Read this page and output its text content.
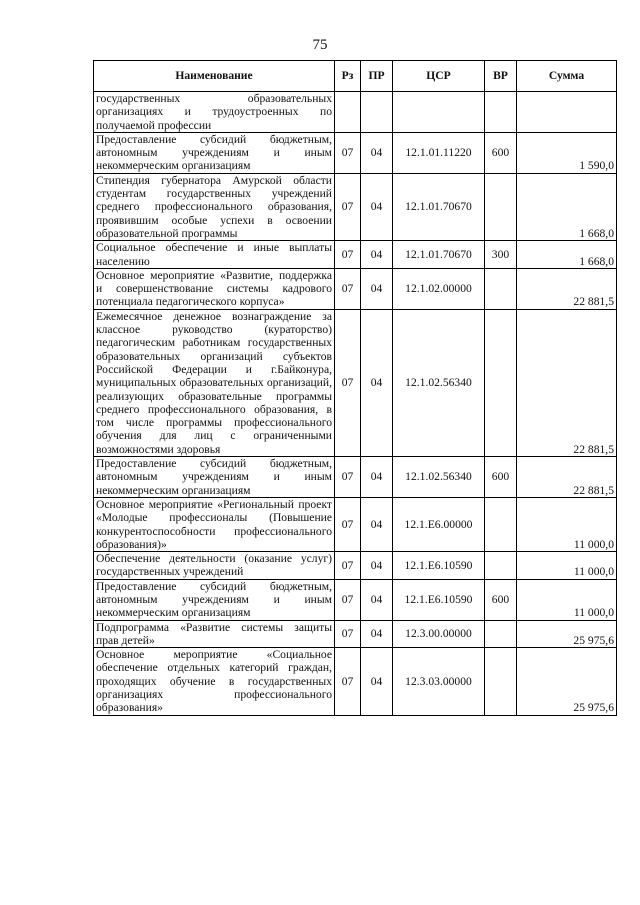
75
Наименование	Рз	ПР	ЦСР	ВР	Сумма
государственных образовательных организациях и трудоустроенных по получаемой профессии					
Предоставление субсидий бюджетным, автономным учреждениям и иным некоммерческим организациям	07	04	12.1.01.11220	600	1 590,0
Стипендия губернатора Амурской области студентам государственных учреждений среднего профессионального образования, проявившим особые успехи в освоении образовательной программы	07	04	12.1.01.70670		1 668,0
Социальное обеспечение и иные выплаты населению	07	04	12.1.01.70670	300	1 668,0
Основное мероприятие «Развитие, поддержка и совершенствование системы кадрового потенциала педагогического корпуса»	07	04	12.1.02.00000		22 881,5
Ежемесячное денежное вознаграждение за классное руководство (кураторство) педагогическим работникам государственных образовательных организаций субъектов Российской Федерации и г.Байконура, муниципальных образовательных организаций, реализующих образовательные программы среднего профессионального образования, в том числе программы профессионального обучения для лиц с ограниченными возможностями здоровья	07	04	12.1.02.56340		22 881,5
Предоставление субсидий бюджетным, автономным учреждениям и иным некоммерческим организациям	07	04	12.1.02.56340	600	22 881,5
Основное мероприятие «Региональный проект «Молодые профессионалы (Повышение конкурентоспособности профессионального образования)»	07	04	12.1.E6.00000		11 000,0
Обеспечение деятельности (оказание услуг) государственных учреждений	07	04	12.1.E6.10590		11 000,0
Предоставление субсидий бюджетным, автономным учреждениям и иным некоммерческим организациям	07	04	12.1.E6.10590	600	11 000,0
Подпрограмма «Развитие системы защиты прав детей»	07	04	12.3.00.00000		25 975,6
Основное мероприятие «Социальное обеспечение отдельных категорий граждан, проходящих обучение в государственных организациях профессионального образования»	07	04	12.3.03.00000		25 975,6
